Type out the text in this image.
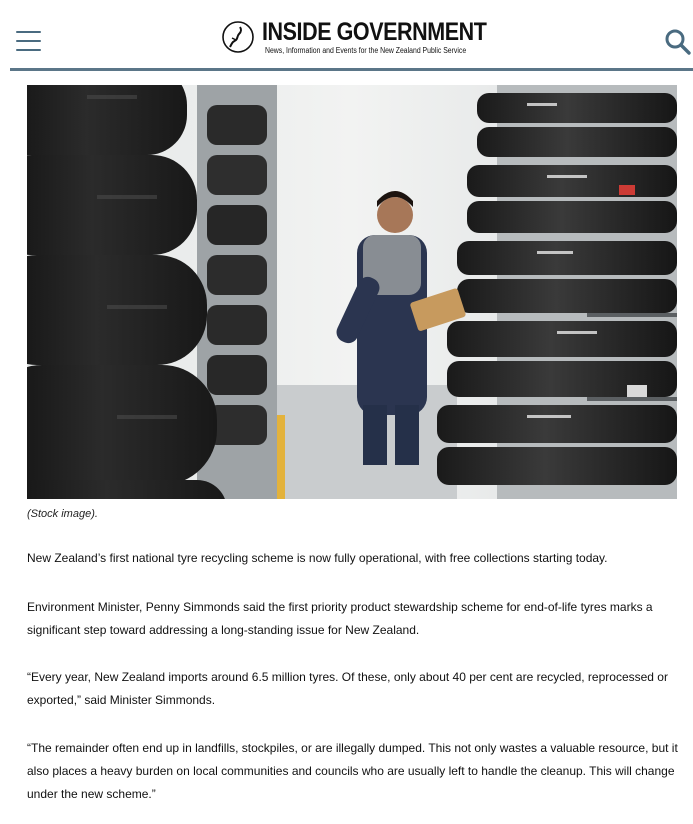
INSIDE GOVERNMENT
News, Information and Events for the New Zealand Public Service
(Stock image).

New Zealand’s first national tyre recycling scheme is now fully operational, with free collections starting today.

Environment Minister, Penny Simmonds said the first priority product stewardship scheme for end-of-life tyres marks a significant step toward addressing a long-standing issue for New Zealand.

“Every year, New Zealand imports around 6.5 million tyres. Of these, only about 40 per cent are recycled, reprocessed or exported,” said Minister Simmonds.

“The remainder often end up in landfills, stockpiles, or are illegally dumped. This not only wastes a valuable resource, but it also places a heavy burden on local communities and councils who are usually left to handle the cleanup. This will change under the new scheme.”
